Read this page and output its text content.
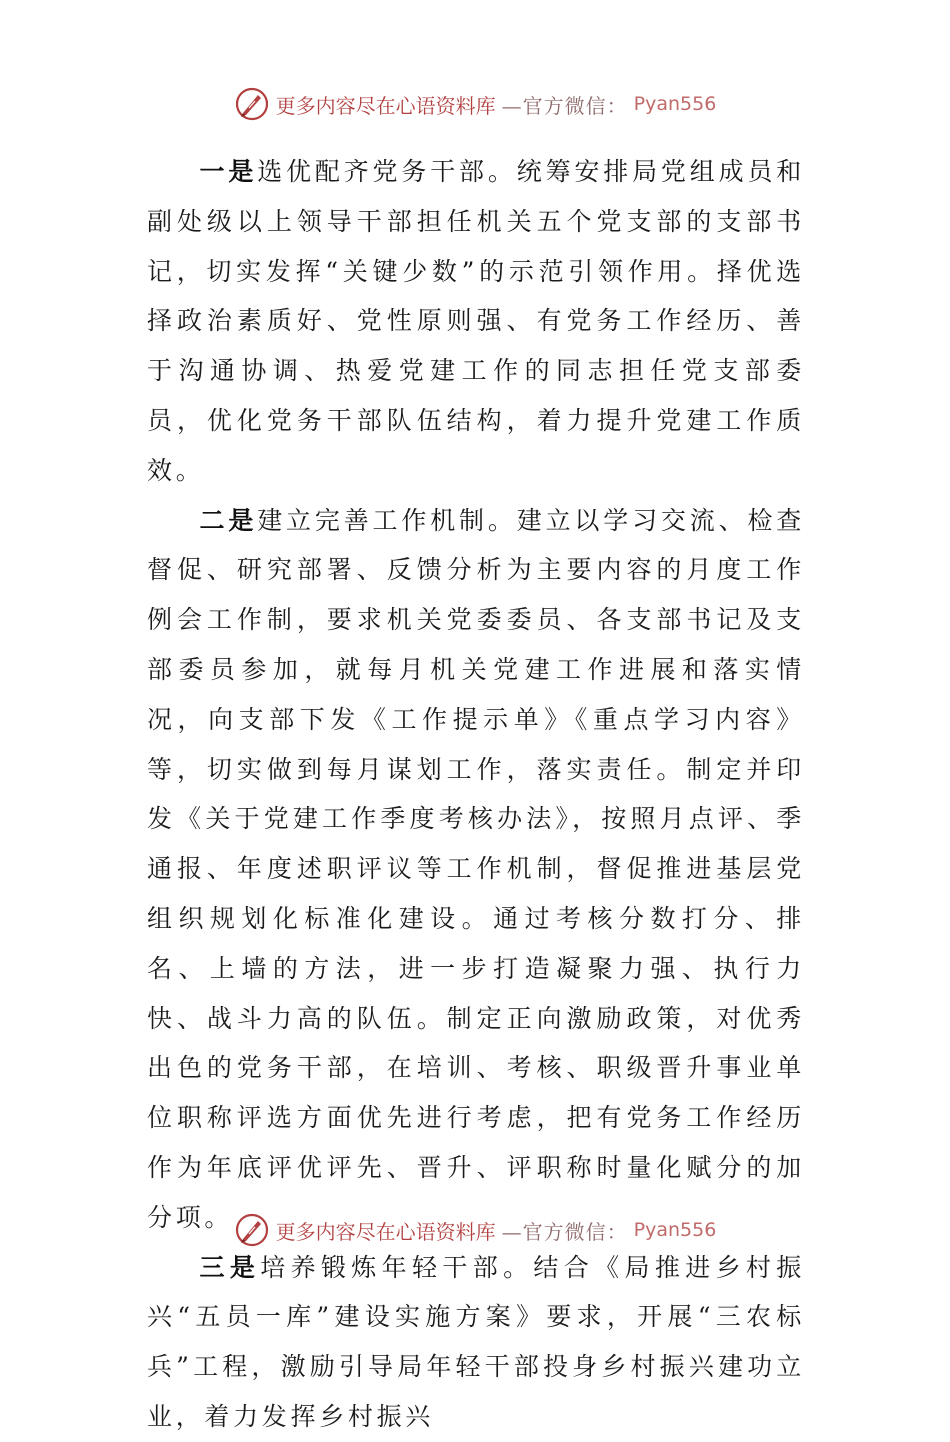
更多内容尽在心语资料库 —官方微信： Pyan556

一是选优配齐党务干部。统筹安排局党组成员和副处级以上领导干部担任机关五个党支部的支部书记，切实发挥“关键少数”的示范引领作用。择优选择政治素质好、党性原则强、有党务工作经历、善于沟通协调、热爱党建工作的同志担任党支部委员，优化党务干部队伍结构，着力提升党建工作质效。

二是建立完善工作机制。建立以学习交流、检查督促、研究部署、反馈分析为主要内容的月度工作例会工作制，要求机关党委委员、各支部书记及支部委员参加，就每月机关党建工作进展和落实情况，向支部下发《工作提示单》《重点学习内容》等，切实做到每月谋划工作，落实责任。制定并印发《关于党建工作季度考核办法》，按照月点评、季通报、年度述职评议等工作机制，督促推进基层党组织规划化标准化建设。通过考核分数打分、排名、上墙的方法，进一步打造凝聚力强、执行力快、战斗力高的队伍。制定正向激励政策，对优秀出色的党务干部，在培训、考核、职级晋升事业单位职称评选方面优先进行考虑，把有党务工作经历作为年底评优评先、晋升、评职称时量化赋分的加分项。

三是培养锻炼年轻干部。结合《局推进乡村振兴“五员一库”建设实施方案》要求，开展“三农标兵”工程，激励引导局年轻干部投身乡村振兴建功立业，着力发挥乡村振兴

更多内容尽在心语资料库 —官方微信： Pyan556
